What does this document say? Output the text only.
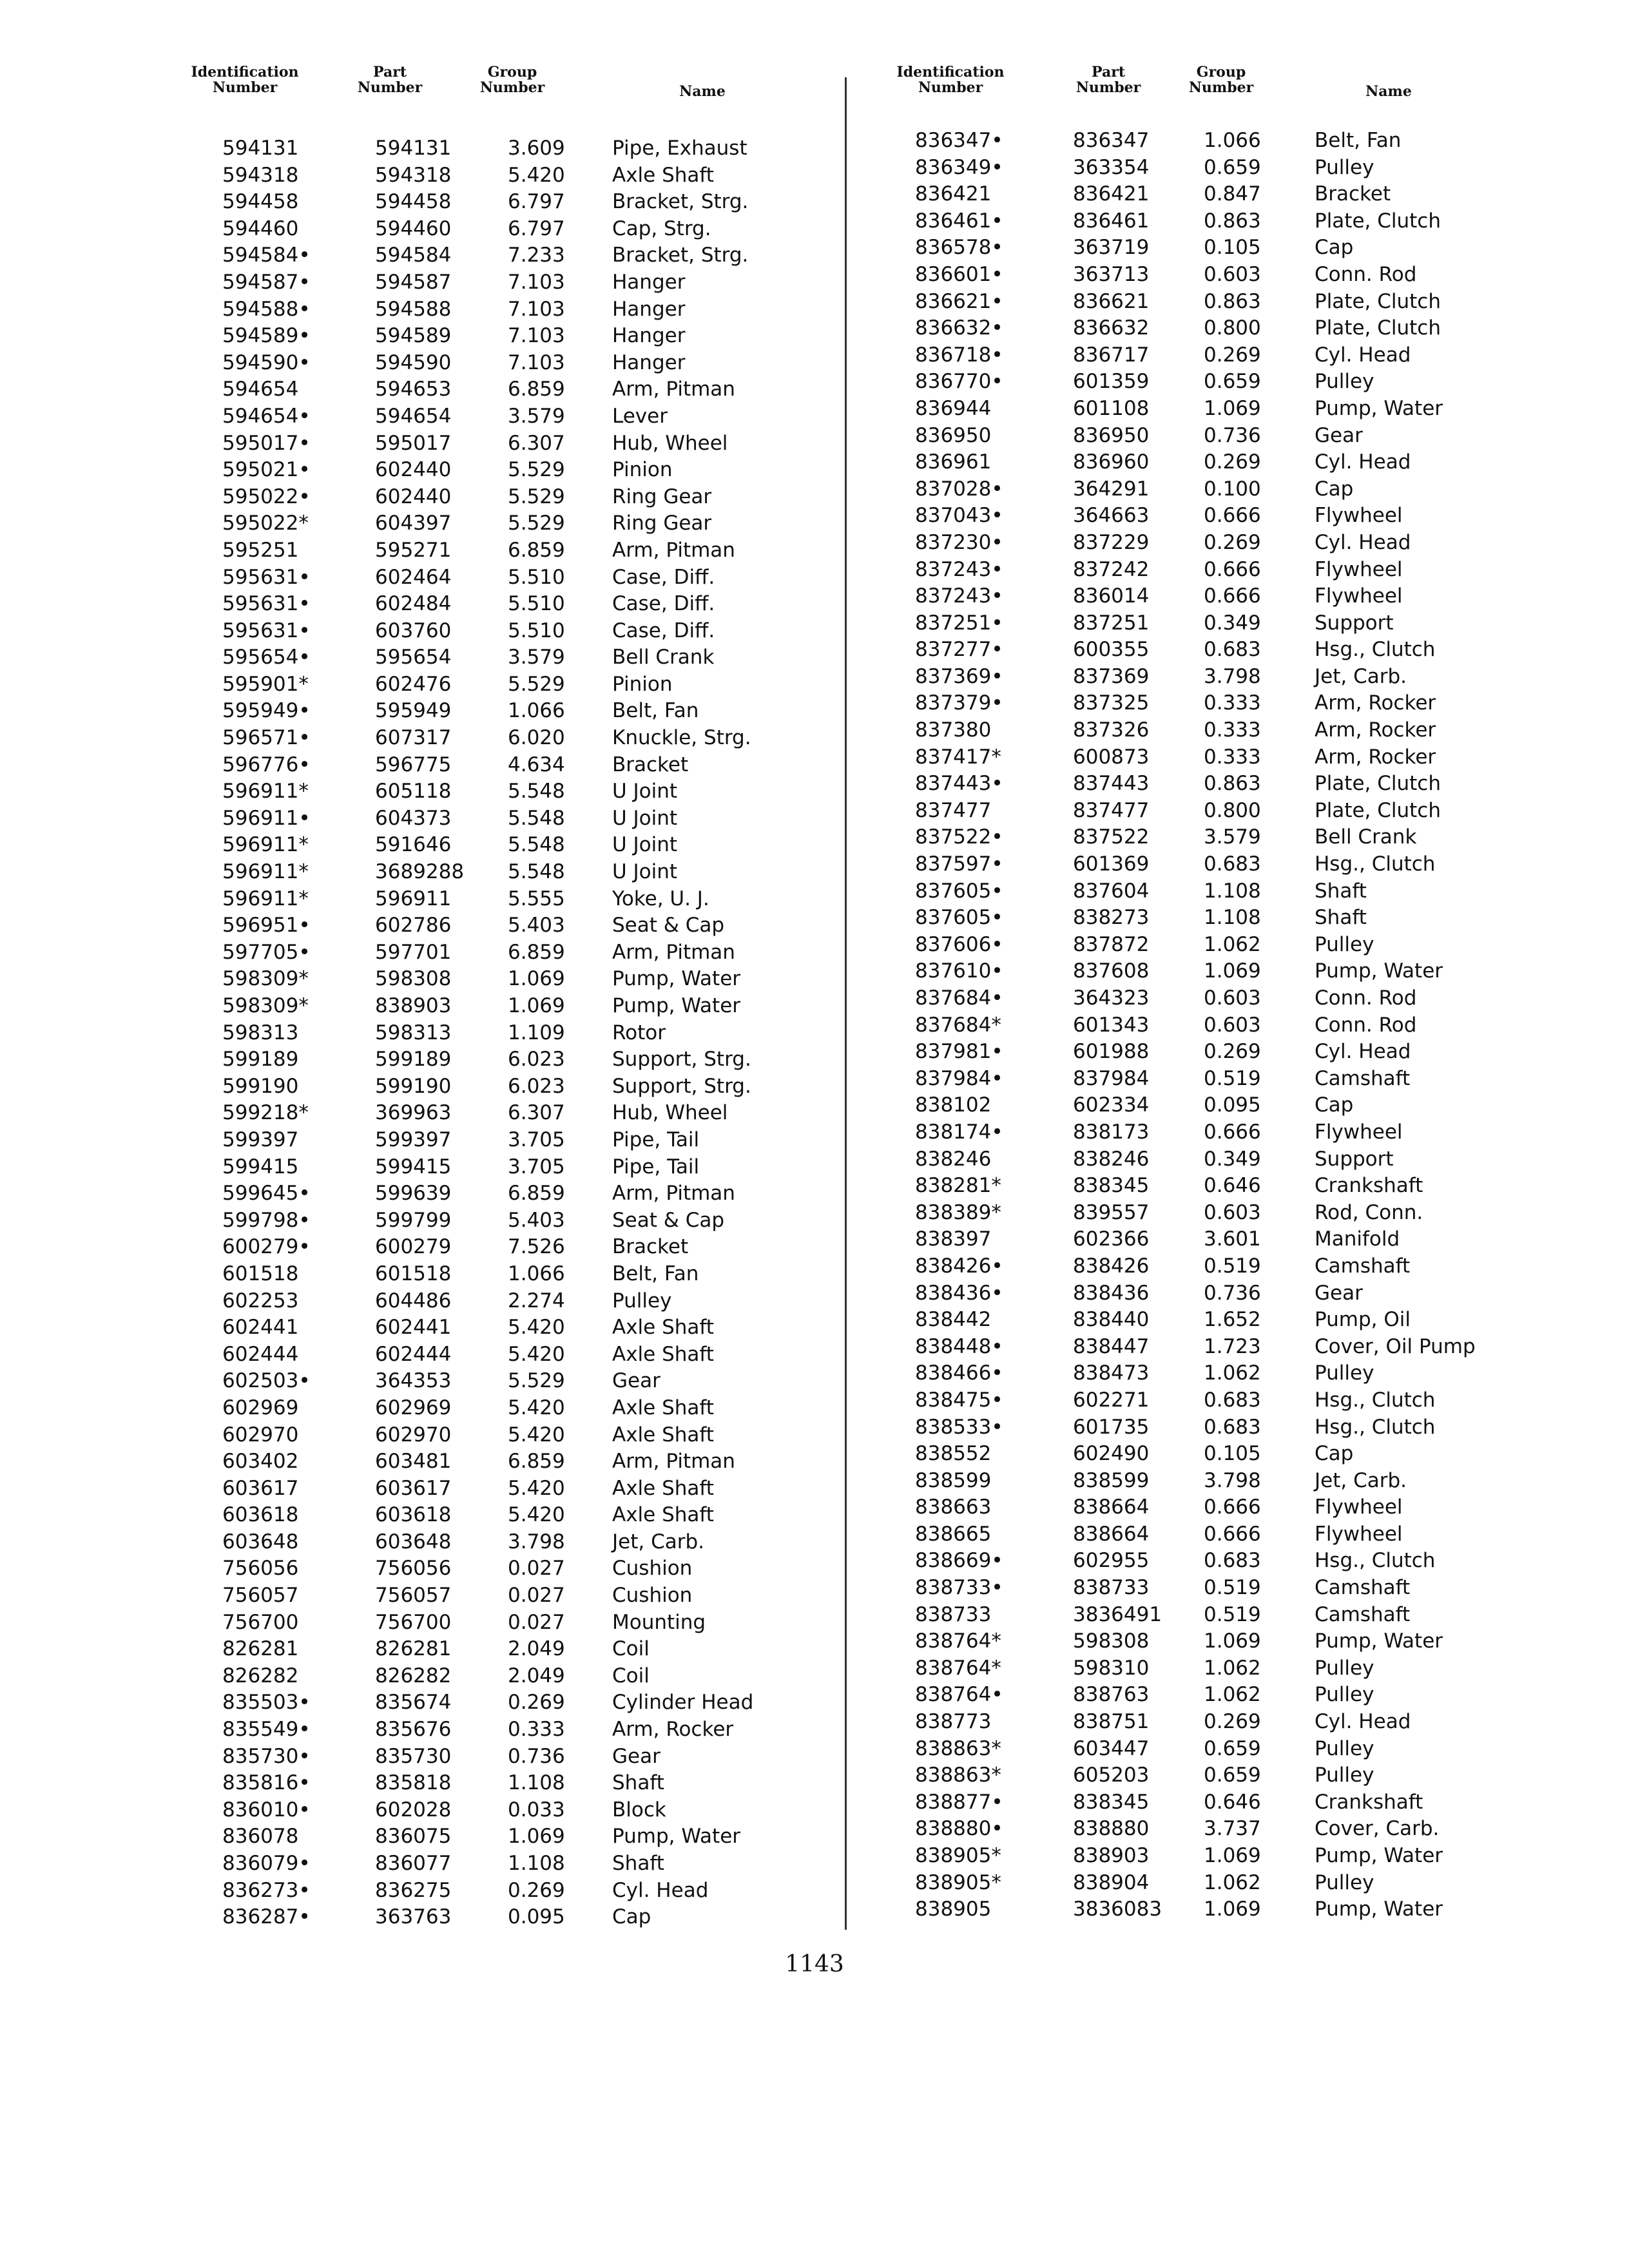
Identification
Number
Part
Number
Group
Number	Name
594131	594131	3.609 Pipe, Exhaust
594318	594318	5.420 Axle Shaft
594458	594458	6.797 Bracket, Strg.
594460	594460	6.797 Cap, Strg.
594584•	594584	7.233 Bracket, Strg.
594587•	594587	7.103 Hanger
594588•	594588	7.103 Hanger
594589•	594589	7.103 Hanger
594590•	594590	7.103 Hanger
594654	594653	6.859 Arm, Pitman
594654•	594654	3.579 Lever
595017•	595017	6.307 Hub, Wheel
595021•	602440	5.529 Pinion
595022•	602440	5.529 Ring Gear
595022*	604397	5.529 Ring Gear
595251	595271	6.859 Arm, Pitman
595631•	602464	5.510 Case, Diff.
595631•	602484	5.510 Case, Diff.
595631•	603760	5.510 Case, Diff.
595654•	595654	3.579 Bell Crank
595901*	602476	5.529 Pinion
595949•	595949	1.066 Belt, Fan
596571•	607317	6.020 Knuckle, Strg.
596776•	596775	4.634 Bracket
596911*	605118	5.548 U Joint
596911•	604373	5.548 U Joint
596911*	591646	5.548 U Joint
596911*	3689288 5.548 U Joint
596911*	596911	5.555 Yoke, U. J.
596951•	602786	5.403 Seat & Cap
597705•	597701	6.859 Arm, Pitman
598309*	598308	1.069 Pump, Water
598309*	838903	1.069 Pump, Water
598313	598313	1.109 Rotor
599189	599189	6.023 Support, Strg.
599190	599190	6.023 Support, Strg.
599218*	369963	6.307 Hub, Wheel
599397	599397	3.705 Pipe, Tail
599415	599415	3.705 Pipe, Tail
599645•	599639	6.859 Arm, Pitman
599798•	599799	5.403 Seat & Cap
600279•	600279	7.526 Bracket
601518	601518	1.066 Belt, Fan
602253	604486	2.274 Pulley
602441	602441	5.420 Axle Shaft
602444	602444	5.420 Axle Shaft
602503•	364353	5.529 Gear
602969	602969	5.420 Axle Shaft
602970	602970	5.420 Axle Shaft
603402	603481	6.859 Arm, Pitman
603617	603617	5.420 Axle Shaft
603618	603618	5.420 Axle Shaft
603648	603648	3.798 Jet, Carb.
756056	756056	0.027 Cushion
756057	756057	0.027 Cushion
756700	756700	0.027 Mounting
826281	826281	2.049 Coil
826282	826282	2.049 Coil
835503•	835674	0.269 Cylinder Head
835549•	835676	0.333 Arm, Rocker
835730•	835730	0.736 Gear
835816•	835818	1.108 Shaft
836010•	602028	0.033 Block
836078	836075	1.069 Pump, Water
836079•	836077	1.108 Shaft
836273•	836275	0.269 Cyl. Head
836287•	363763	0.095 Cap
Identification
Number
Part
Number
Group
Number	Name
836347•	836347	1.066	Belt, Fan
836349•	363354	0.659	Pulley
836421	836421	0.847	Bracket
836461•	836461	0.863	Plate, Clutch
836578•	363719	0.105	Cap
836601•	363713	0.603	Conn. Rod
836621•	836621	0.863	Plate, Clutch
836632•	836632	0.800	Plate, Clutch
836718•	836717	0.269	Cyl. Head
836770•	601359	0.659	Pulley
836944	601108	1.069	Pump, Water
836950	836950	0.736	Gear
836961	836960	0.269	Cyl. Head
837028•	364291	0.100	Cap
837043•	364663	0.666	Flywheel
837230•	837229	0.269	Cyl. Head
837243•	837242	0.666	Flywheel
837243•	836014	0.666	Flywheel
837251•	837251	0.349	Support
837277•	600355	0.683	Hsg., Clutch
837369•	837369	3.798	Jet, Carb.
837379•	837325	0.333	Arm, Rocker
837380	837326	0.333	Arm, Rocker
837417*	600873	0.333	Arm, Rocker
837443•	837443	0.863	Plate, Clutch
837477	837477	0.800	Plate, Clutch
837522•	837522	3.579	Bell Crank
837597•	601369	0.683	Hsg., Clutch
837605•	837604	1.108	Shaft
837605•	838273	1.108	Shaft
837606•	837872	1.062	Pulley
837610•	837608	1.069	Pump, Water
837684•	364323	0.603	Conn. Rod
837684*	601343	0.603	Conn. Rod
837981•	601988	0.269	Cyl. Head
837984•	837984	0.519	Camshaft
838102	602334	0.095	Cap
838174•	838173	0.666	Flywheel
838246	838246	0.349	Support
838281*	838345	0.646	Crankshaft
838389*	839557	0.603	Rod, Conn.
838397	602366	3.601	Manifold
838426•	838426	0.519	Camshaft
838436•	838436	0.736	Gear
838442	838440	1.652	Pump, Oil
838448•	838447	1.723	Cover, Oil Pump
838466•	838473	1.062	Pulley
838475•	602271	0.683	Hsg., Clutch
838533•	601735	0.683	Hsg., Clutch
838552	602490	0.105	Cap
838599	838599	3.798	Jet, Carb.
838663	838664	0.666	Flywheel
838665	838664	0.666	Flywheel
838669•	602955	0.683	Hsg., Clutch
838733•	838733	0.519	Camshaft
838733	3836491 0.519	Camshaft
838764*	598308	1.069	Pump, Water
838764*	598310	1.062	Pulley
838764•	838763	1.062	Pulley
838773	838751	0.269	Cyl. Head
838863*	603447	0.659	Pulley
838863*	605203	0.659	Pulley
838877•	838345	0.646	Crankshaft
838880•	838880	3.737	Cover, Carb.
838905*	838903	1.069	Pump, Water
838905*	838904	1.062	Pulley
838905	3836083 1.069	Pump, Water
1143
